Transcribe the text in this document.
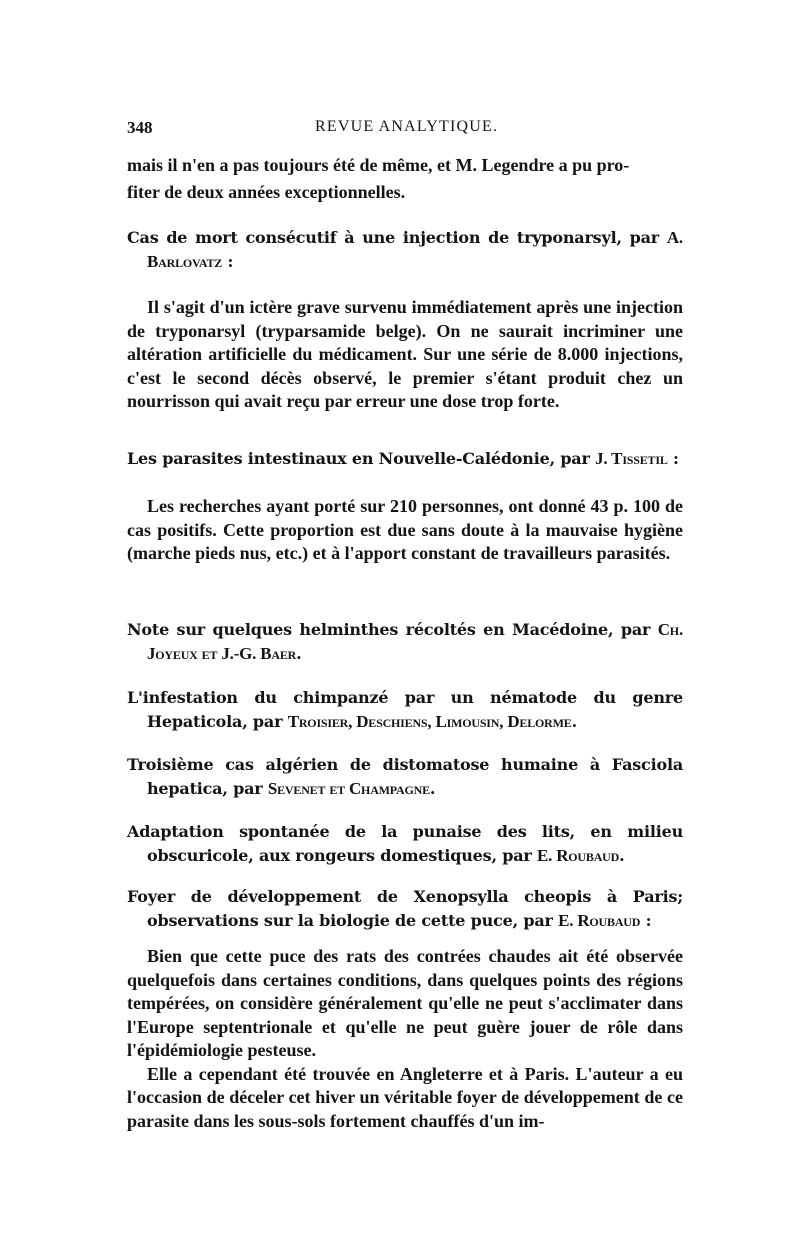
348	REVUE ANALYTIQUE.
mais il n'en a pas toujours été de même, et M. Legendre a pu pro-
fiter de deux années exceptionnelles.
Cas de mort consécutif à une injection de tryponarsyl, par A. Barlovatz :

Il s'agit d'un ictère grave survenu immédiatement après une injection de tryponarsyl (tryparsamide belge). On ne saurait incriminer une altération artificielle du médicament. Sur une série de 8.000 injections, c'est le second décès observé, le premier s'étant produit chez un nourrisson qui avait reçu par erreur une dose trop forte.

Les parasites intestinaux en Nouvelle-Calédonie, par J. Tissetil :

Les recherches ayant porté sur 210 personnes, ont donné 43 p. 100 de cas positifs. Cette proportion est due sans doute à la mauvaise hygiène (marche pieds nus, etc.) et à l'apport constant de travailleurs parasités.

Note sur quelques helminthes récoltés en Macédoine, par Ch. Joyeux et J.-G. Baer.
L'infestation du chimpanzé par un nématode du genre Hepaticola, par Troisier, Deschiens, Limousin, Delorme.
Troisième cas algérien de distomatose humaine à Fasciola hepatica, par Sevenet et Champagne.
Adaptation spontanée de la punaise des lits, en milieu obscuricole, aux rongeurs domestiques, par E. Roubaud.
Foyer de développement de Xenopsylla cheopis à Paris; observations sur la biologie de cette puce, par E. Roubaud :

Bien que cette puce des rats des contrées chaudes ait été observée quelquefois dans certaines conditions, dans quelques points des régions tempérées, on considère généralement qu'elle ne peut s'acclimater dans l'Europe septentrionale et qu'elle ne peut guère jouer de rôle dans l'épidémiologie pesteuse.

Elle a cependant été trouvée en Angleterre et à Paris. L'auteur a eu l'occasion de déceler cet hiver un véritable foyer de développement de ce parasite dans les sous-sols fortement chauffés d'un im-
